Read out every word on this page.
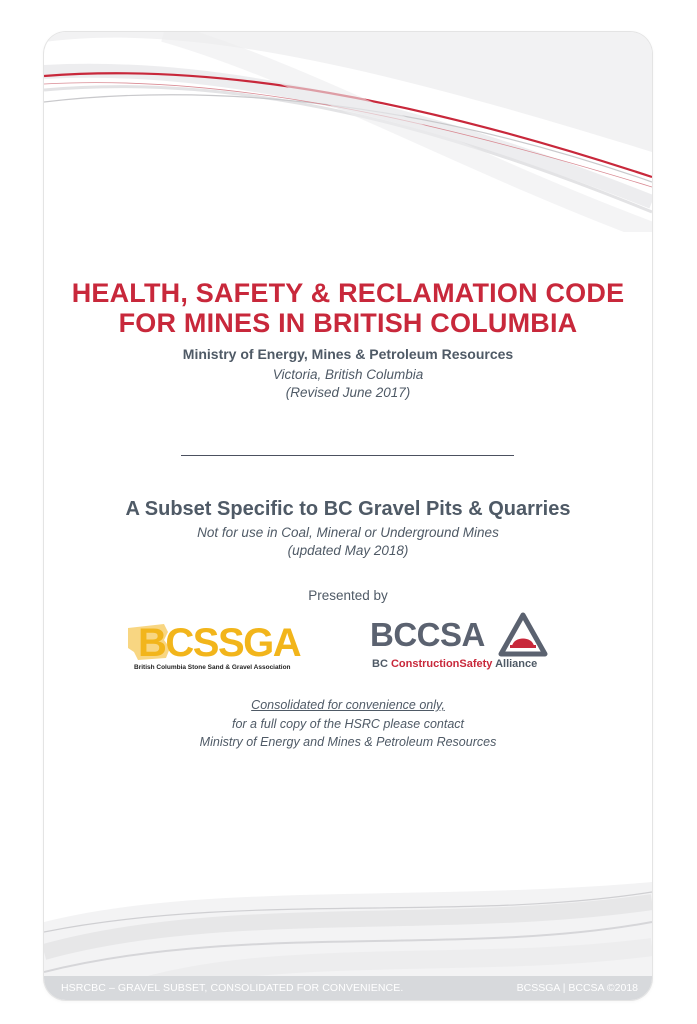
HEALTH, SAFETY & RECLAMATION CODE
FOR MINES IN BRITISH COLUMBIA
Ministry of Energy, Mines & Petroleum Resources
Victoria, British Columbia
(Revised June 2017)
A Subset Specific to BC Gravel Pits & Quarries
Not for use in Coal, Mineral or Underground Mines
(updated May 2018)
Presented by
BCSSGA
British Columbia Stone Sand & Gravel Association
BCCSA
BC ConstructionSafety Alliance
Consolidated for convenience only,
for a full copy of the HSRC please contact
Ministry of Energy and Mines & Petroleum Resources
HSRCBC – GRAVEL SUBSET, CONSOLIDATED FOR CONVENIENCE.	BCSSGA | BCCSA ©2018
